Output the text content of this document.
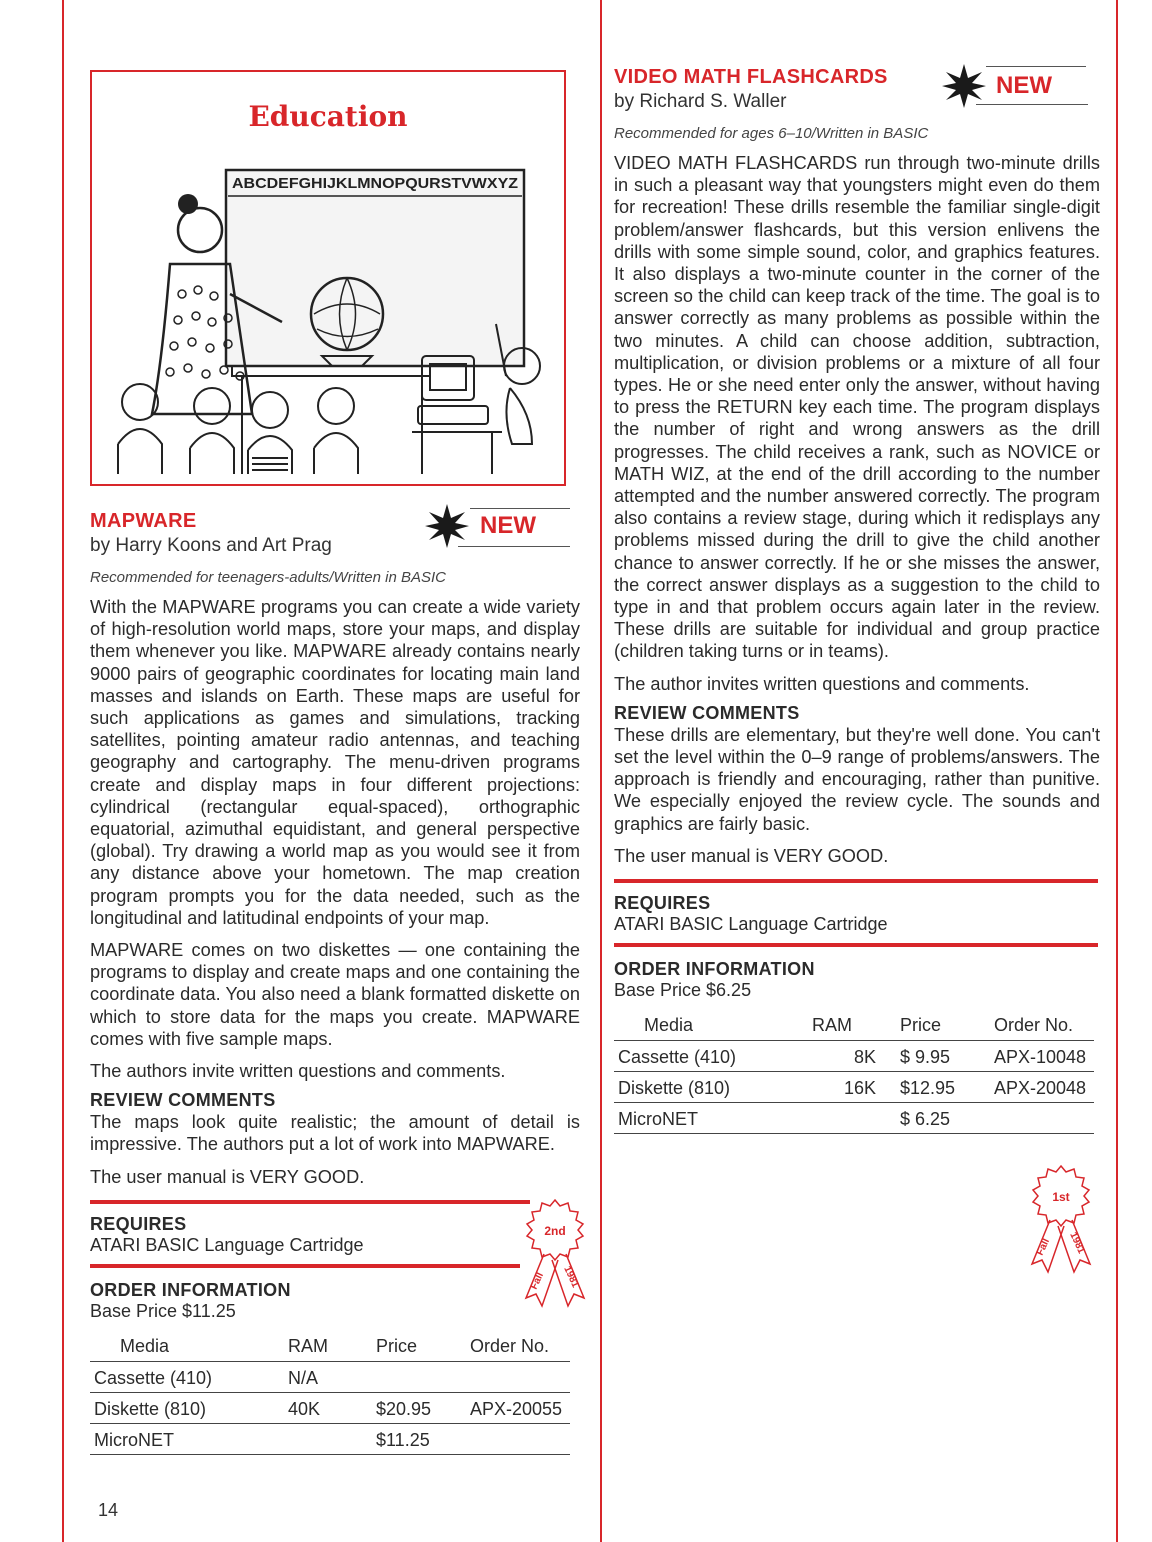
Education
ABCDEFGHIJKLMNOPQURSTVWXYZ
NEW
MAPWARE
by Harry Koons and Art Prag
Recommended for teenagers-adults/Written in BASIC

With the MAPWARE programs you can create a wide variety of high-resolution world maps, store your maps, and display them whenever you like. MAPWARE already contains nearly 9000 pairs of geographic coordinates for locating main land masses and islands on Earth. These maps are useful for such applications as games and simulations, tracking satellites, pointing amateur radio antennas, and teaching geography and cartography. The menu-driven programs create and display maps in four different projections: cylindrical (rectangular equal-spaced), orthographic equatorial, azimuthal equidistant, and general perspective (global). Try drawing a world map as you would see it from any distance above your hometown. The map creation program prompts you for the data needed, such as the longitudinal and latitudinal endpoints of your map.

MAPWARE comes on two diskettes — one containing the programs to display and create maps and one containing the coordinate data. You also need a blank formatted diskette on which to store data for the maps you create. MAPWARE comes with five sample maps.

The authors invite written questions and comments.

REVIEW COMMENTS

The maps look quite realistic; the amount of detail is impressive. The authors put a lot of work into MAPWARE.

The user manual is VERY GOOD.

REQUIRES
ATARI BASIC Language Cartridge
ORDER INFORMATION
Base Price $11.25
Media	RAM	Price	Order No.
Cassette (410)	N/A		
Diskette (810)	40K	$20.95	APX-20055
MicroNET		$11.25	
2nd
Fall 1981
14
NEW
VIDEO MATH FLASHCARDS
by Richard S. Waller
Recommended for ages 6–10/Written in BASIC

VIDEO MATH FLASHCARDS run through two-minute drills in such a pleasant way that youngsters might even do them for recreation! These drills resemble the familiar single-digit problem/answer flashcards, but this version enlivens the drills with some simple sound, color, and graphics features. It also displays a two-minute counter in the corner of the screen so the child can keep track of the time. The goal is to answer correctly as many problems as possible within the two minutes. A child can choose addition, subtraction, multiplication, or division problems or a mixture of all four types. He or she need enter only the answer, without having to press the RETURN key each time. The program displays the number of right and wrong answers as the drill progresses. The child receives a rank, such as NOVICE or MATH WIZ, at the end of the drill according to the number attempted and the number answered correctly. The program also contains a review stage, during which it redisplays any problems missed during the drill to give the child another chance to answer correctly. If he or she misses the answer, the correct answer displays as a suggestion to the child to type in and that problem occurs again later in the review. These drills are suitable for individual and group practice (children taking turns or in teams).

The author invites written questions and comments.

REVIEW COMMENTS

These drills are elementary, but they're well done. You can't set the level within the 0–9 range of problems/answers. The approach is friendly and encouraging, rather than punitive. We especially enjoyed the review cycle. The sounds and graphics are fairly basic.

The user manual is VERY GOOD.

REQUIRES
ATARI BASIC Language Cartridge
ORDER INFORMATION
Base Price $6.25
Media	RAM	Price	Order No.
Cassette (410)	8K	$ 9.95	APX-10048
Diskette (810)	16K	$12.95	APX-20048
MicroNET		$ 6.25	
1st
Fall 1981
